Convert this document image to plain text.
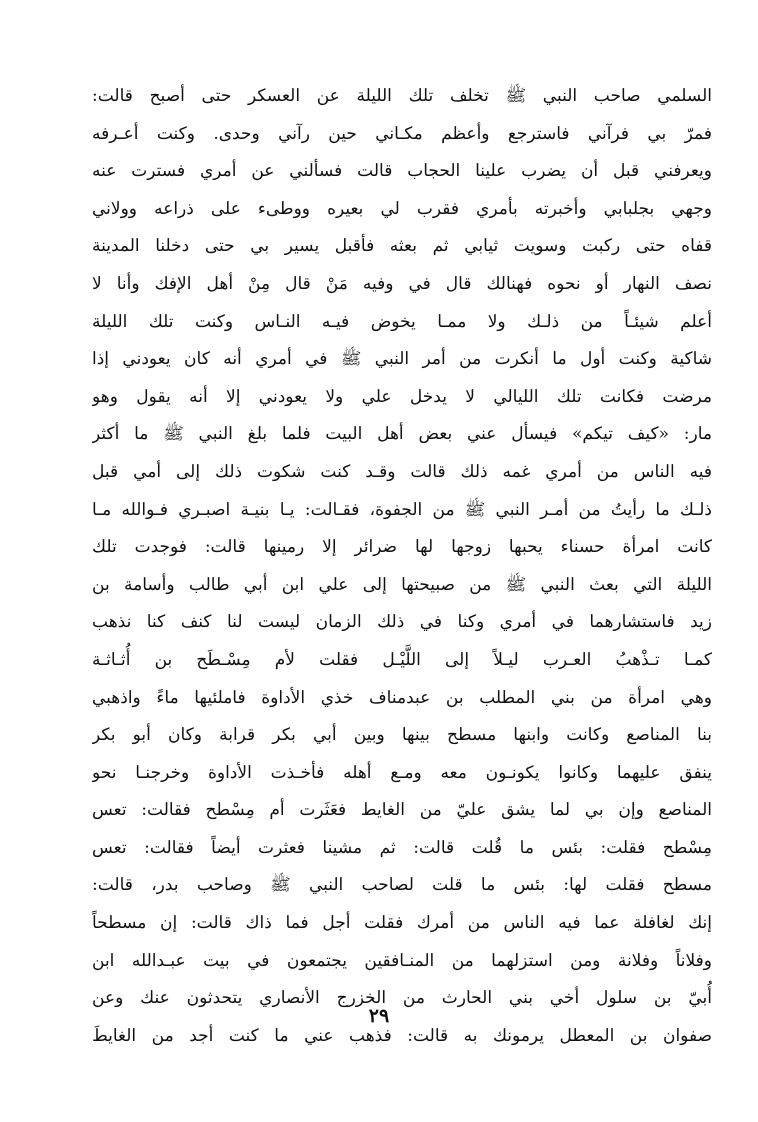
السلمي صاحب النبي ﷺ تخلف تلك الليلة عن العسكر حتى أصبح قالت:
فمرّ بي فرآني فاسترجع وأعظم مكـاني حين رآني وحدى. وكنت أعـرفه
ويعرفني قبل أن يضرب علينا الحجاب قالت فسألني عن أمري فسترت عنه
وجهي بجلبابي وأخبرته بأمري فقرب لي بعيره ووطىء على ذراعه وولاني
قفاه حتى ركبت وسويت ثيابي ثم بعثه فأقبل يسير بي حتى دخلنا المدينة
نصف النهار أو نحوه فهنالك قال في وفيه مَنْ قال مِنْ أهل الإفك وأنا لا
أعلم شيئـاً من ذلـك ولا ممـا يخوض فيـه النـاس وكنت تلك الليلة
شاكية وكنت أول ما أنكرت من أمر النبي ﷺ في أمري أنه كان يعودني إذا
مرضت فكانت تلك الليالي لا يدخل علي ولا يعودني إلا أنه يقول وهو
مار: «كيف تيكم» فيسأل عني بعض أهل البيت فلما بلغ النبي ﷺ ما أكثر
فيه الناس من أمري غمه ذلك قالت وقـد كنت شكوت ذلك إلى أمي قبل
ذلـك ما رأيتُ من أمـر النبي ﷺ من الجفوة، فقـالت: يـا بنيـة اصبـري فـوالله مـا
كانت امرأة حسناء يحبها زوجها لها ضرائر إلا رمينها قالت: فوجدت تلك
الليلة التي بعث النبي ﷺ من صبيحتها إلى علي ابن أبي طالب وأسامة بن
زيد فاستشارهما في أمري وكنا في ذلك الزمان ليست لنا كنف كنا نذهب
كمـا تـذْهبُ العـرب ليـلاً إلى اللَّيْـل فقلت لأم مِسْـطَح بن أُثـاثـة
وهي امرأة من بني المطلب بن عبدمناف خذي الأداوة فاملئيها ماءً واذهبي
بنا المناصع وكانت وابنها مسطح بينها وبين أبي بكر قرابة وكان أبو بكر
ينفق عليهما وكانوا يكونـون معه ومـع أهله فأخـذت الأداوة وخرجنـا نحو
المناصع وإن بي لما يشق عليّ من الغايط فعَثَرت أم مِسْطح فقالت: تعس
مِسْطح فقلت: بئس ما قُلت قالت: ثم مشينا فعثرت أيضاً فقالت: تعس
مسطح فقلت لها: بئس ما قلت لصاحب النبي ﷺ وصاحب بدر، قالت:
إنك لغافلة عما فيه الناس من أمرك فقلت أجل فما ذاك قالت: إن مسطحاً
وفلاناً وفلانة ومن استزلهما من المنـافقين يجتمعون في بيت عبـدالله ابن
أُبيّ بن سلول أخي بني الحارث من الخزرج الأنصاري يتحدثون عنك وعن
صفوان بن المعطل يرمونك به قالت: فذهب عني ما كنت أجد من الغايطَ
٢٩
